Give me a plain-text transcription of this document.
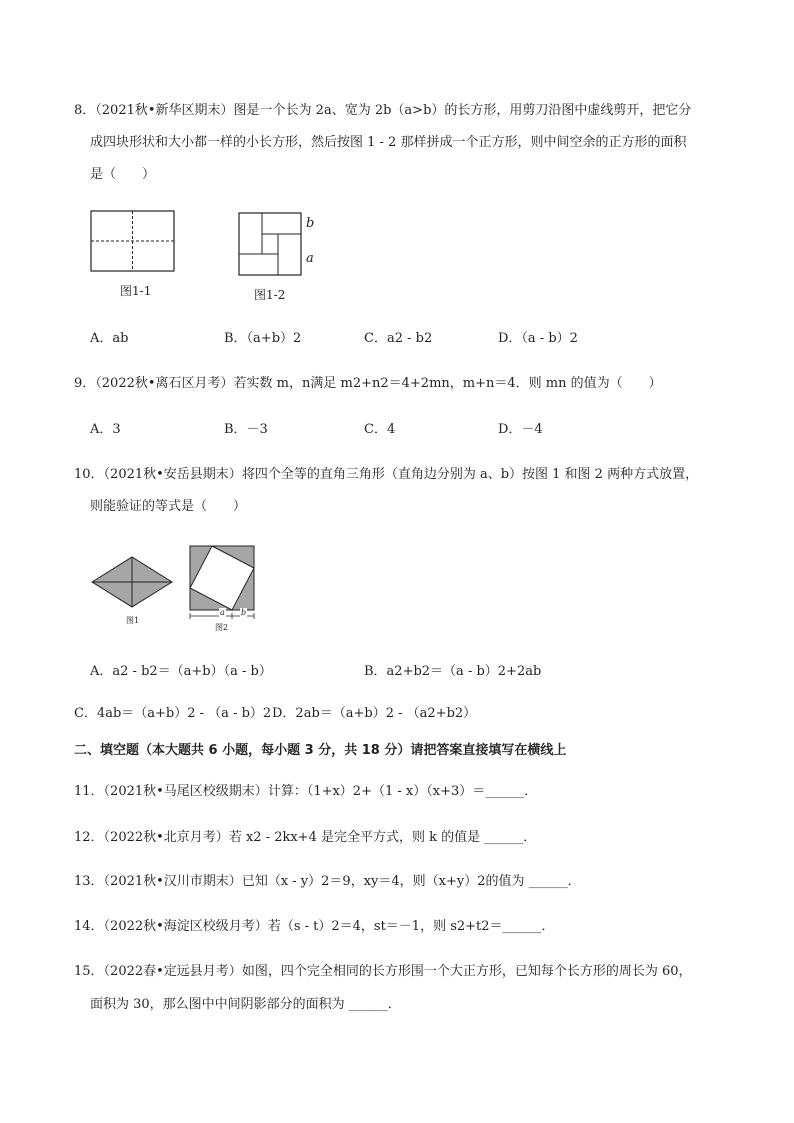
8．（2021秋•新华区期末）图是一个长为 2a、宽为 2b（a>b）的长方形，用剪刀沿图中虚线剪开，把它分
成四块形状和大小都一样的小长方形，然后按图 1 - 2 那样拼成一个正方形，则中间空余的正方形的面积
是（　　）
图1-1
b
a
图1-2
A．ab	B．（a+b）2	C．a2 - b2	D．（a - b）2
9．（2022秋•离石区月考）若实数 m，n满足 m2+n2＝4+2mn，m+n＝4．则 mn 的值为（　　）
A．3	B．－3	C．4	D．－4
10．（2021秋•安岳县期末）将四个全等的直角三角形（直角边分别为 a、b）按图 1 和图 2 两种方式放置，
则能验证的等式是（　　）
图1
a b
图2
A．a2 - b2＝（a+b）（a - b）	B．a2+b2＝（a - b）2+2ab
C．4ab＝（a+b）2 - （a - b）2 D．2ab＝（a+b）2 - （a2+b2）
二、填空题（本大题共 6 小题，每小题 3 分，共 18 分）请把答案直接填写在横线上
11．（2021秋•马尾区校级期末）计算：（1+x）2+（1 - x）（x+3）＝______．
12．（2022秋•北京月考）若 x2 - 2kx+4 是完全平方式，则 k 的值是 ______．
13．（2021秋•汉川市期末）已知（x - y）2＝9，xy＝4，则（x+y）2的值为 ______．
14．（2022秋•海淀区校级月考）若（s - t）2＝4，st＝－1，则 s2+t2＝______．
15．（2022春•定远县月考）如图，四个完全相同的长方形围一个大正方形，已知每个长方形的周长为 60，
面积为 30，那么图中中间阴影部分的面积为 ______．
